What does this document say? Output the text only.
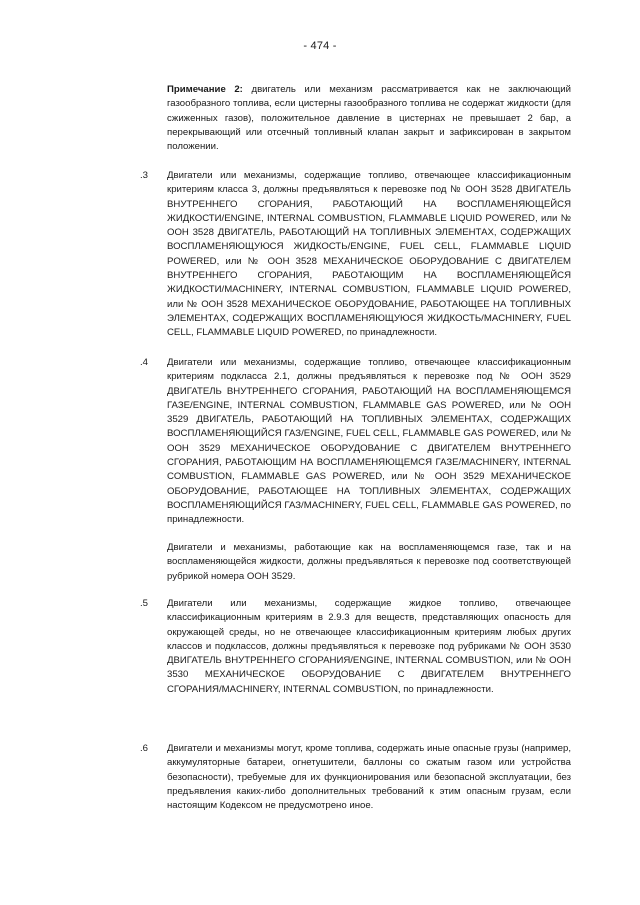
- 474 -
Примечание 2: двигатель или механизм рассматривается как не заключающий газообразного топлива, если цистерны газообразного топлива не содержат жидкости (для сжиженных газов), положительное давление в цистернах не превышает 2 бар, а перекрывающий или отсечный топливный клапан закрыт и зафиксирован в закрытом положении.
.3	Двигатели или механизмы, содержащие топливо, отвечающее классификационным критериям класса 3, должны предъявляться к перевозке под № ООН 3528 ДВИГАТЕЛЬ ВНУТРЕННЕГО СГОРАНИЯ, РАБОТАЮЩИЙ НА ВОСПЛАМЕНЯЮЩЕЙСЯ ЖИДКОСТИ/ENGINE, INTERNAL COMBUSTION, FLAMMABLE LIQUID POWERED, или № ООН 3528 ДВИГАТЕЛЬ, РАБОТАЮЩИЙ НА ТОПЛИВНЫХ ЭЛЕМЕНТАХ, СОДЕРЖАЩИХ ВОСПЛАМЕНЯЮЩУЮСЯ ЖИДКОСТЬ/ENGINE, FUEL CELL, FLAMMABLE LIQUID POWERED, или № ООН 3528 МЕХАНИЧЕСКОЕ ОБОРУДОВАНИЕ С ДВИГАТЕЛЕМ ВНУТРЕННЕГО СГОРАНИЯ, РАБОТАЮЩИМ НА ВОСПЛАМЕНЯЮЩЕЙСЯ ЖИДКОСТИ/MACHINERY, INTERNAL COMBUSTION, FLAMMABLE LIQUID POWERED, или № ООН 3528 МЕХАНИЧЕСКОЕ ОБОРУДОВАНИЕ, РАБОТАЮЩЕЕ НА ТОПЛИВНЫХ ЭЛЕМЕНТАХ, СОДЕРЖАЩИХ ВОСПЛАМЕНЯЮЩУЮСЯ ЖИДКОСТЬ/MACHINERY, FUEL CELL, FLAMMABLE LIQUID POWERED, по принадлежности.
.4	Двигатели или механизмы, содержащие топливо, отвечающее классификационным критериям подкласса 2.1, должны предъявляться к перевозке под № ООН 3529 ДВИГАТЕЛЬ ВНУТРЕННЕГО СГОРАНИЯ, РАБОТАЮЩИЙ НА ВОСПЛАМЕНЯЮЩЕМСЯ ГАЗЕ/ENGINE, INTERNAL COMBUSTION, FLAMMABLE GAS POWERED, или № ООН 3529 ДВИГАТЕЛЬ, РАБОТАЮЩИЙ НА ТОПЛИВНЫХ ЭЛЕМЕНТАХ, СОДЕРЖАЩИХ ВОСПЛАМЕНЯЮЩИЙСЯ ГАЗ/ENGINE, FUEL CELL, FLAMMABLE GAS POWERED, или № ООН 3529 МЕХАНИЧЕСКОЕ ОБОРУДОВАНИЕ С ДВИГАТЕЛЕМ ВНУТРЕННЕГО СГОРАНИЯ, РАБОТАЮЩИМ НА ВОСПЛАМЕНЯЮЩЕМСЯ ГАЗЕ/MACHINERY, INTERNAL COMBUSTION, FLAMMABLE GAS POWERED, или № ООН 3529 МЕХАНИЧЕСКОЕ ОБОРУДОВАНИЕ, РАБОТАЮЩЕЕ НА ТОПЛИВНЫХ ЭЛЕМЕНТАХ, СОДЕРЖАЩИХ ВОСПЛАМЕНЯЮЩИЙСЯ ГАЗ/MACHINERY, FUEL CELL, FLAMMABLE GAS POWERED, по принадлежности.
Двигатели и механизмы, работающие как на воспламеняющемся газе, так и на воспламеняющейся жидкости, должны предъявляться к перевозке под соответствующей рубрикой номера ООН 3529.
.5	Двигатели или механизмы, содержащие жидкое топливо, отвечающее классификационным критериям в 2.9.3 для веществ, представляющих опасность для окружающей среды, но не отвечающее классификационным критериям любых других классов и подклассов, должны предъявляться к перевозке под рубриками № ООН 3530 ДВИГАТЕЛЬ ВНУТРЕННЕГО СГОРАНИЯ/ENGINE, INTERNAL COMBUSTION, или № ООН 3530 МЕХАНИЧЕСКОЕ ОБОРУДОВАНИЕ С ДВИГАТЕЛЕМ ВНУТРЕННЕГО СГОРАНИЯ/MACHINERY, INTERNAL COMBUSTION, по принадлежности.
.6	Двигатели и механизмы могут, кроме топлива, содержать иные опасные грузы (например, аккумуляторные батареи, огнетушители, баллоны со сжатым газом или устройства безопасности), требуемые для их функционирования или безопасной эксплуатации, без предъявления каких-либо дополнительных требований к этим опасным грузам, если настоящим Кодексом не предусмотрено иное.
